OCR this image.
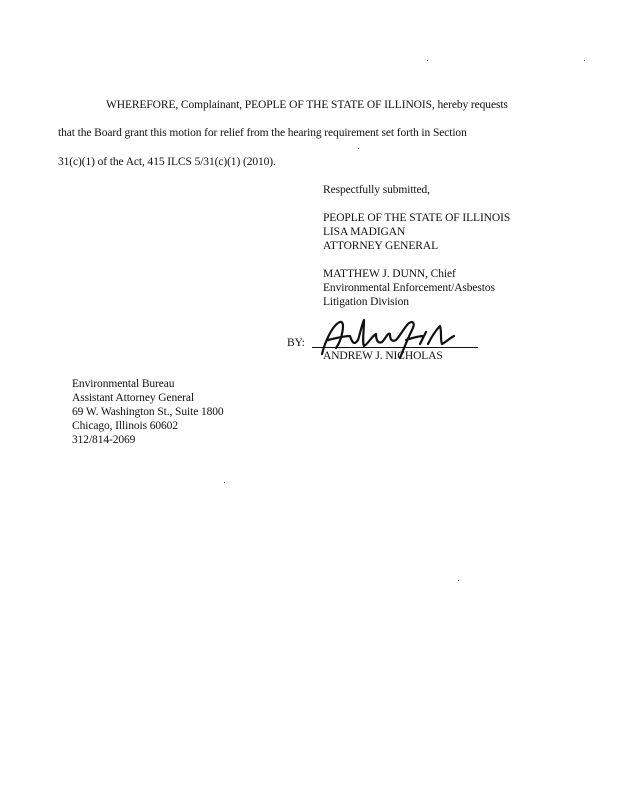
WHEREFORE, Complainant, PEOPLE OF THE STATE OF ILLINOIS, hereby requests
that the Board grant this motion for relief from the hearing requirement set forth in Section
31(c)(1) of the Act, 415 ILCS 5/31(c)(1) (2010).
Respectfully submitted,
PEOPLE OF THE STATE OF ILLINOIS
LISA MADIGAN
ATTORNEY GENERAL
MATTHEW J. DUNN, Chief
Environmental Enforcement/Asbestos
Litigation Division
BY:
ANDREW J. NICHOLAS
Environmental Bureau
Assistant Attorney General
69 W. Washington St., Suite 1800
Chicago, Illinois 60602
312/814-2069
